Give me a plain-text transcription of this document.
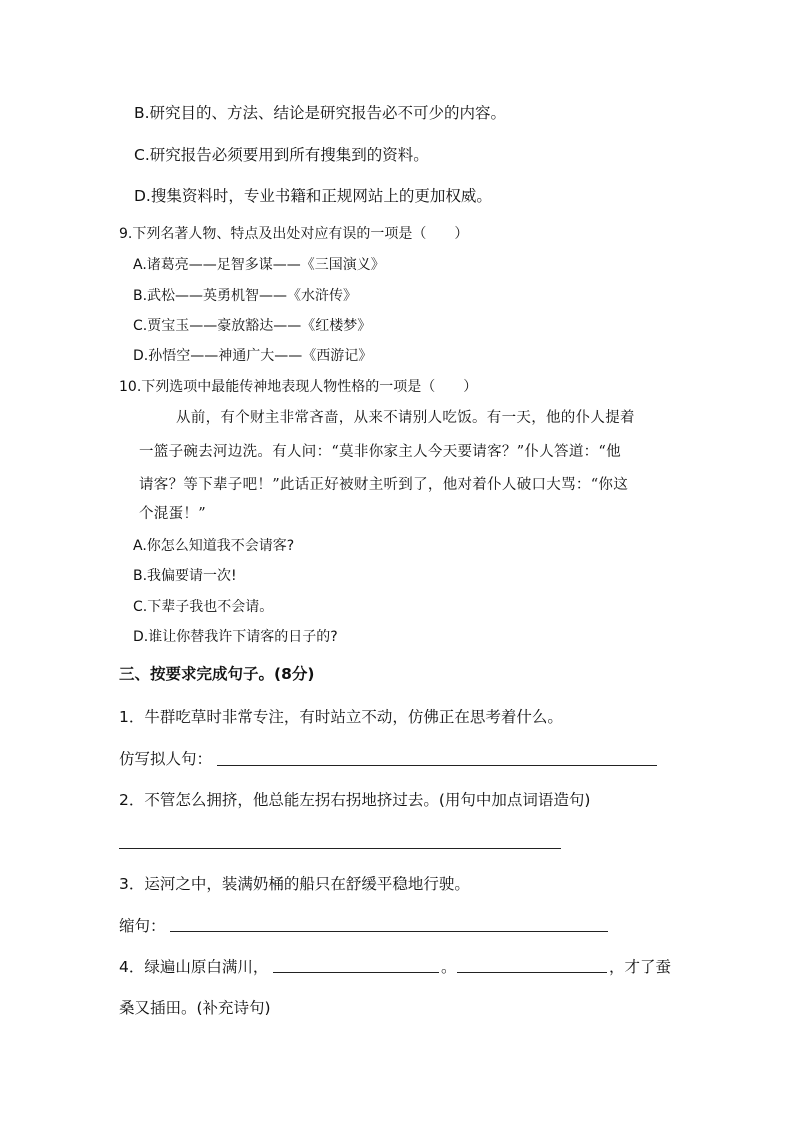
B.研究目的、方法、结论是研究报告必不可少的内容。
C.研究报告必须要用到所有搜集到的资料。
D.搜集资料时，专业书籍和正规网站上的更加权威。
9.下列名著人物、特点及出处对应有误的一项是（　　）
A.诸葛亮——足智多谋——《三国演义》
B.武松——英勇机智——《水浒传》
C.贾宝玉——豪放豁达——《红楼梦》
D.孙悟空——神通广大——《西游记》
10.下列选项中最能传神地表现人物性格的一项是（　　）
从前，有个财主非常吝啬，从来不请别人吃饭。有一天，他的仆人提着
一篮子碗去河边洗。有人问：“莫非你家主人今天要请客？”仆人答道：“他
请客？等下辈子吧！”此话正好被财主听到了，他对着仆人破口大骂：“你这
个混蛋！”
A.你怎么知道我不会请客?
B.我偏要请一次!
C.下辈子我也不会请。
D.谁让你替我许下请客的日子的?
三、按要求完成句子。(8分)
1．牛群吃草时非常专注，有时站立不动，仿佛正在思考着什么。
仿写拟人句：
2．不管怎么拥挤，他总能左拐右拐地挤过去。(用句中加点词语造句)
3．运河之中，装满奶桶的船只在舒缓平稳地行驶。
缩句：
4．绿遍山原白满川，	。	，才了蚕
桑又插田。(补充诗句)
